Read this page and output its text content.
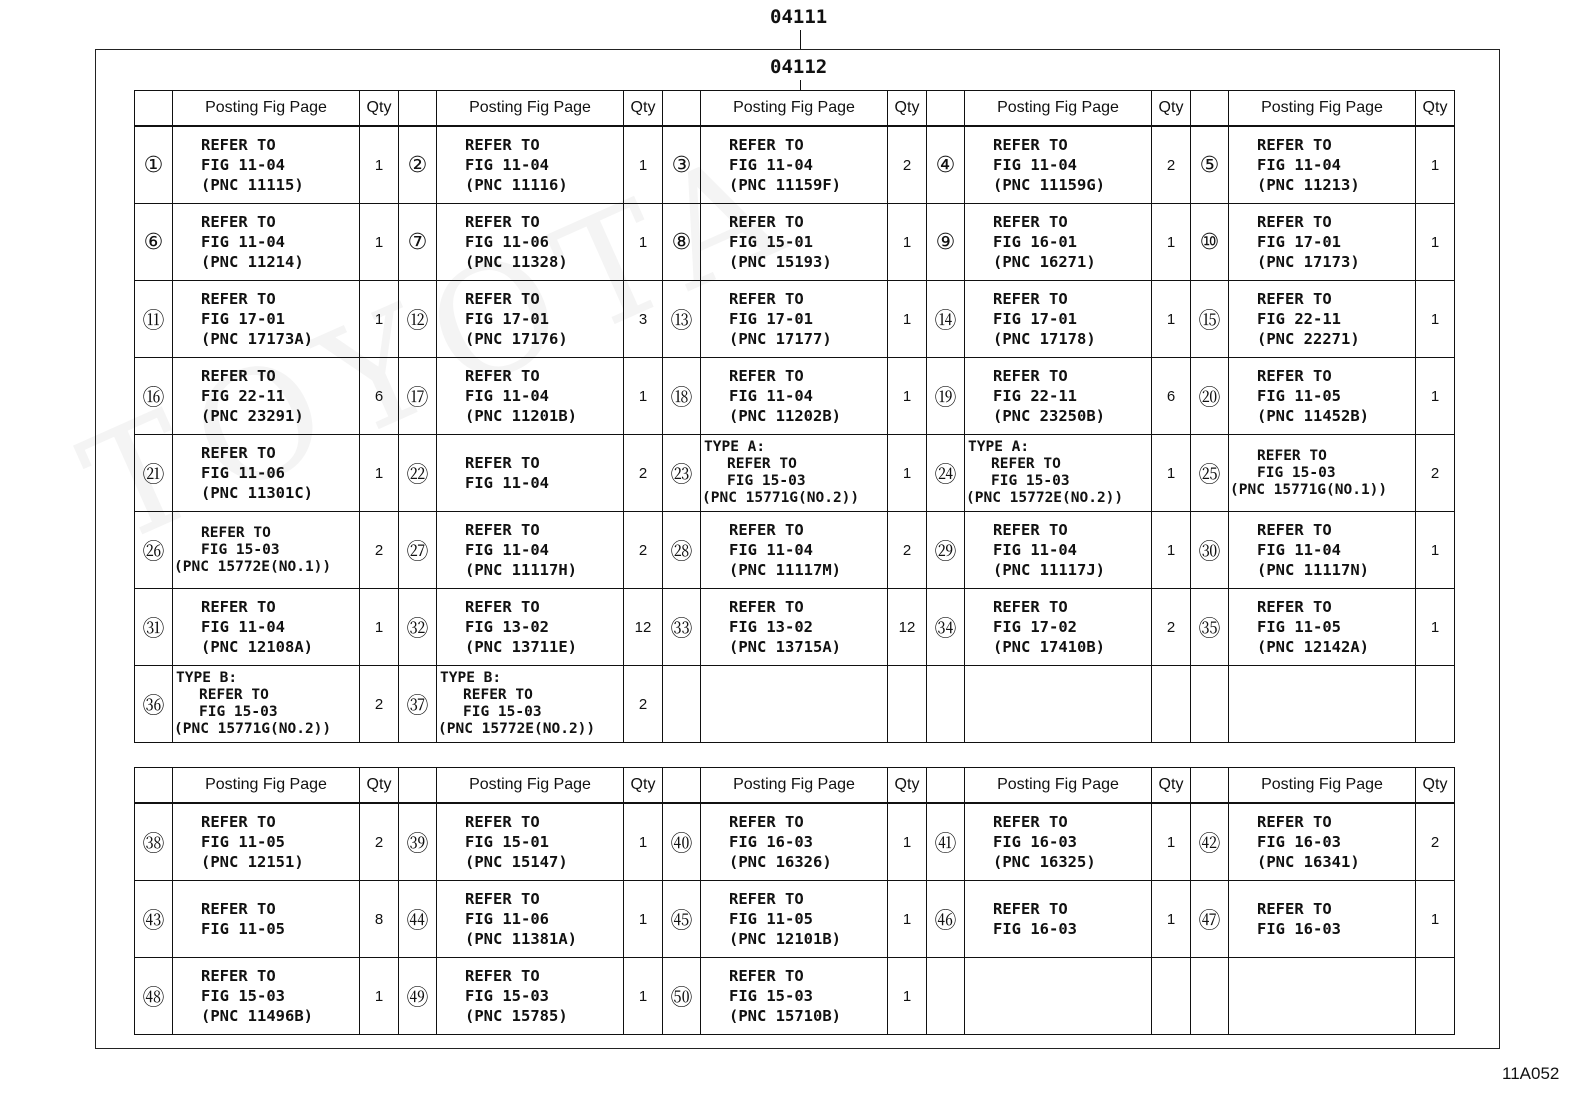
04111
04112
	Posting Fig Page	Qty		Posting Fig Page	Qty		Posting Fig Page	Qty		Posting Fig Page	Qty		Posting Fig Page	Qty
①	REFER TO
FIG 11-04
(PNC 11115)	1	②	REFER TO
FIG 11-04
(PNC 11116)	1	③	REFER TO
FIG 11-04
(PNC 11159F)	2	④	REFER TO
FIG 11-04
(PNC 11159G)	2	⑤	REFER TO
FIG 11-04
(PNC 11213)	1
⑥	REFER TO
FIG 11-04
(PNC 11214)	1	⑦	REFER TO
FIG 11-06
(PNC 11328)	1	⑧	REFER TO
FIG 15-01
(PNC 15193)	1	⑨	REFER TO
FIG 16-01
(PNC 16271)	1	⑩	REFER TO
FIG 17-01
(PNC 17173)	1
⑪	REFER TO
FIG 17-01
(PNC 17173A)	1	⑫	REFER TO
FIG 17-01
(PNC 17176)	3	⑬	REFER TO
FIG 17-01
(PNC 17177)	1	⑭	REFER TO
FIG 17-01
(PNC 17178)	1	⑮	REFER TO
FIG 22-11
(PNC 22271)	1
⑯	REFER TO
FIG 22-11
(PNC 23291)	6	⑰	REFER TO
FIG 11-04
(PNC 11201B)	1	⑱	REFER TO
FIG 11-04
(PNC 11202B)	1	⑲	REFER TO
FIG 22-11
(PNC 23250B)	6	⑳	REFER TO
FIG 11-05
(PNC 11452B)	1
㉑	REFER TO
FIG 11-06
(PNC 11301C)	1	㉒	REFER TO
FIG 11-04	2	㉓	TYPE A:
REFER TO
FIG 15-03
(PNC 15771G(NO.2))	1	㉔	TYPE A:
REFER TO
FIG 15-03
(PNC 15772E(NO.2))	1	㉕	REFER TO
FIG 15-03
(PNC 15771G(NO.1))	2
㉖	REFER TO
FIG 15-03
(PNC 15772E(NO.1))	2	㉗	REFER TO
FIG 11-04
(PNC 11117H)	2	㉘	REFER TO
FIG 11-04
(PNC 11117M)	2	㉙	REFER TO
FIG 11-04
(PNC 11117J)	1	㉚	REFER TO
FIG 11-04
(PNC 11117N)	1
㉛	REFER TO
FIG 11-04
(PNC 12108A)	1	㉜	REFER TO
FIG 13-02
(PNC 13711E)	12	㉝	REFER TO
FIG 13-02
(PNC 13715A)	12	㉞	REFER TO
FIG 17-02
(PNC 17410B)	2	㉟	REFER TO
FIG 11-05
(PNC 12142A)	1
㊱	TYPE B:
REFER TO
FIG 15-03
(PNC 15771G(NO.2))	2	㊲	TYPE B:
REFER TO
FIG 15-03
(PNC 15772E(NO.2))	2									
	Posting Fig Page	Qty		Posting Fig Page	Qty		Posting Fig Page	Qty		Posting Fig Page	Qty		Posting Fig Page	Qty
㊳	REFER TO
FIG 11-05
(PNC 12151)	2	㊴	REFER TO
FIG 15-01
(PNC 15147)	1	㊵	REFER TO
FIG 16-03
(PNC 16326)	1	㊶	REFER TO
FIG 16-03
(PNC 16325)	1	㊷	REFER TO
FIG 16-03
(PNC 16341)	2
㊸	REFER TO
FIG 11-05	8	㊹	REFER TO
FIG 11-06
(PNC 11381A)	1	㊺	REFER TO
FIG 11-05
(PNC 12101B)	1	㊻	REFER TO
FIG 16-03	1	㊼	REFER TO
FIG 16-03	1
㊽	REFER TO
FIG 15-03
(PNC 11496B)	1	㊾	REFER TO
FIG 15-03
(PNC 15785)	1	㊿	REFER TO
FIG 15-03
(PNC 15710B)	1						
11A052
